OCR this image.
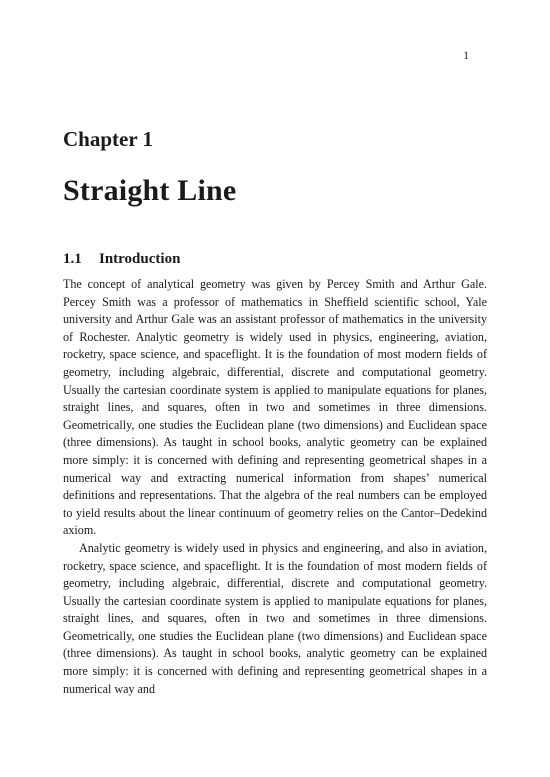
1
Chapter 1
Straight Line
1.1 Introduction

The concept of analytical geometry was given by Percey Smith and Arthur Gale. Percey Smith was a professor of mathematics in Sheffield scientific school, Yale university and Arthur Gale was an assistant professor of mathematics in the university of Rochester. Analytic geometry is widely used in physics, engineering, aviation, rocketry, space science, and spaceflight. It is the foundation of most modern fields of geometry, including algebraic, differential, discrete and computational geometry. Usually the cartesian coordinate system is applied to manipulate equations for planes, straight lines, and squares, often in two and sometimes in three dimensions. Geometrically, one studies the Euclidean plane (two dimensions) and Euclidean space (three dimensions). As taught in school books, analytic geometry can be explained more simply: it is concerned with defining and representing geometrical shapes in a numerical way and extracting numerical information from shapes’ numerical definitions and representations. That the algebra of the real numbers can be employed to yield results about the linear continuum of geometry relies on the Cantor–Dedekind axiom.

Analytic geometry is widely used in physics and engineering, and also in aviation, rocketry, space science, and spaceflight. It is the foundation of most modern fields of geometry, including algebraic, differential, discrete and computational geometry. Usually the cartesian coordinate system is applied to manipulate equations for planes, straight lines, and squares, often in two and sometimes in three dimensions. Geometrically, one studies the Euclidean plane (two dimensions) and Euclidean space (three dimensions). As taught in school books, analytic geometry can be explained more simply: it is concerned with defining and representing geometrical shapes in a numerical way and
